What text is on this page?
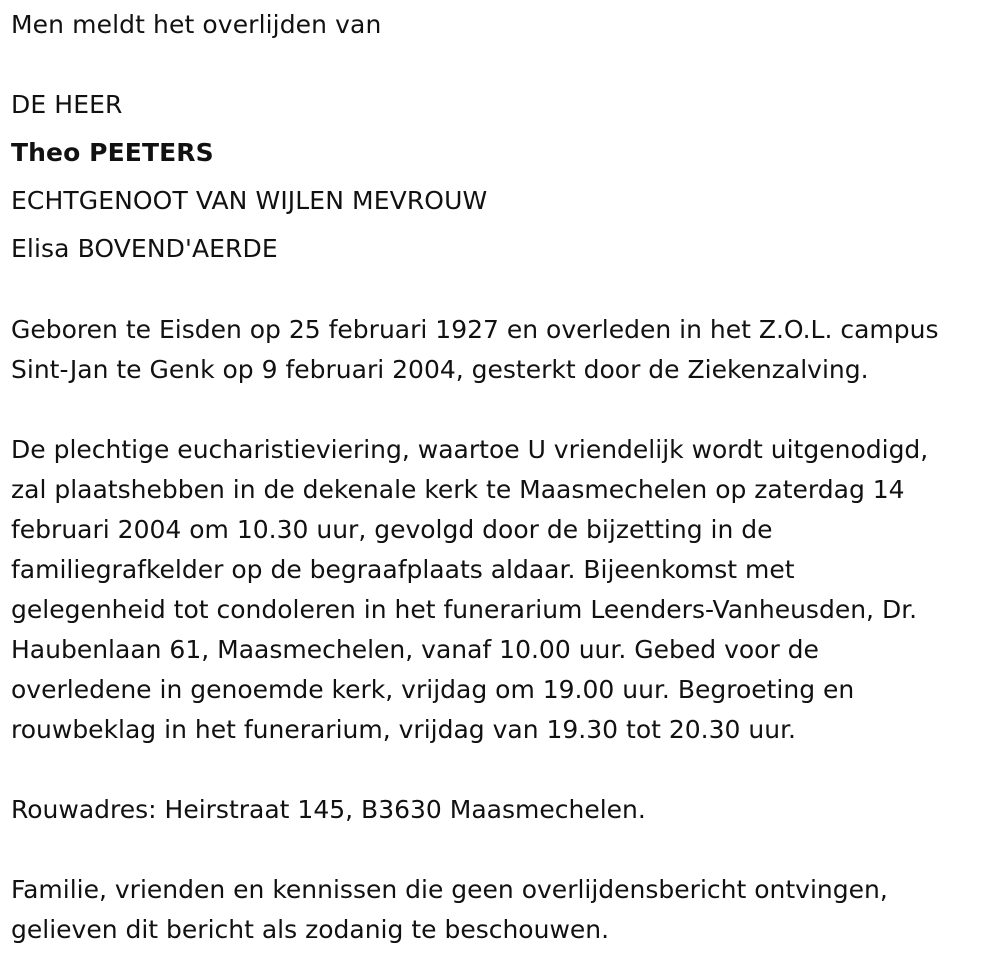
Men meldt het overlijden van
DE HEER
Theo PEETERS
ECHTGENOOT VAN WIJLEN MEVROUW
Elisa BOVEND'AERDE
Geboren te Eisden op 25 februari 1927 en overleden in het Z.O.L. campus
Sint-Jan te Genk op 9 februari 2004, gesterkt door de Ziekenzalving.
De plechtige eucharistieviering, waartoe U vriendelijk wordt uitgenodigd,
zal plaatshebben in de dekenale kerk te Maasmechelen op zaterdag 14
februari 2004 om 10.30 uur, gevolgd door de bijzetting in de
familiegrafkelder op de begraafplaats aldaar. Bijeenkomst met
gelegenheid tot condoleren in het funerarium Leenders-Vanheusden, Dr.
Haubenlaan 61, Maasmechelen, vanaf 10.00 uur. Gebed voor de
overledene in genoemde kerk, vrijdag om 19.00 uur. Begroeting en
rouwbeklag in het funerarium, vrijdag van 19.30 tot 20.30 uur.
Rouwadres: Heirstraat 145, B3630 Maasmechelen.
Familie, vrienden en kennissen die geen overlijdensbericht ontvingen,
gelieven dit bericht als zodanig te beschouwen.
